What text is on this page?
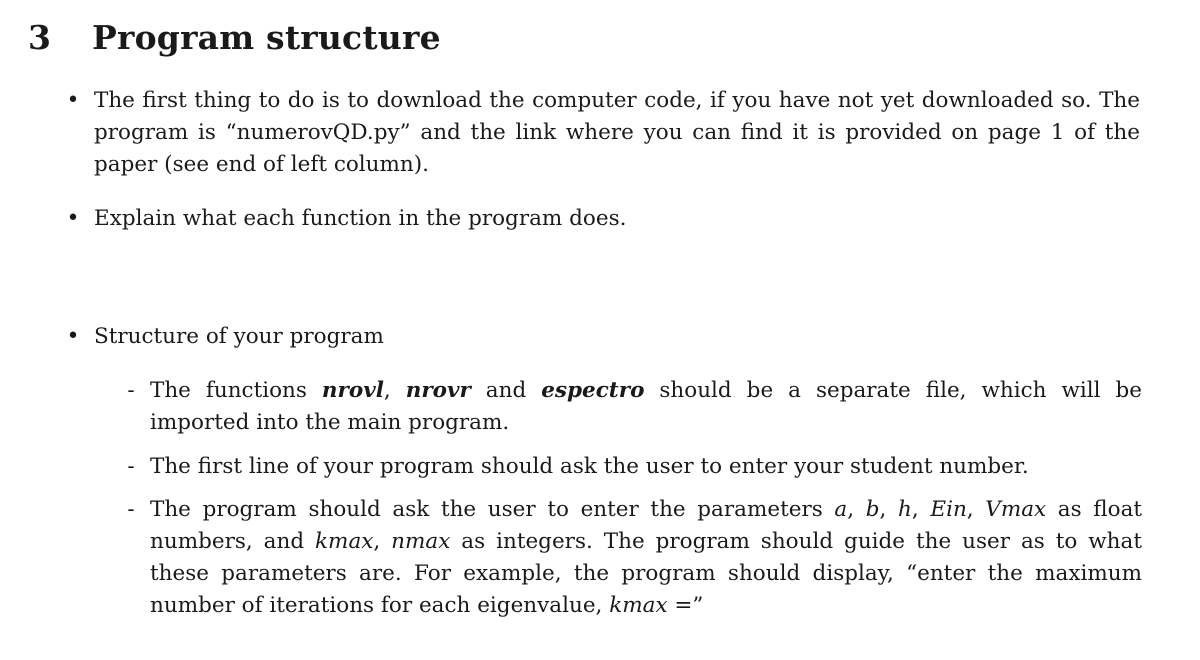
3 Program structure
• The first thing to do is to download the computer code, if you have not yet downloaded so. The program is “numerovQD.py” and the link where you can find it is provided on page 1 of the paper (see end of left column).
• Explain what each function in the program does.
• Structure of your program
- The functions nrovl, nrovr and espectro should be a separate file, which will be imported into the main program.
- The first line of your program should ask the user to enter your student number.
- The program should ask the user to enter the parameters a, b, h, Ein, Vmax as float numbers, and kmax, nmax as integers. The program should guide the user as to what these parameters are. For example, the program should display, “enter the maximum number of iterations for each eigenvalue, kmax =”
